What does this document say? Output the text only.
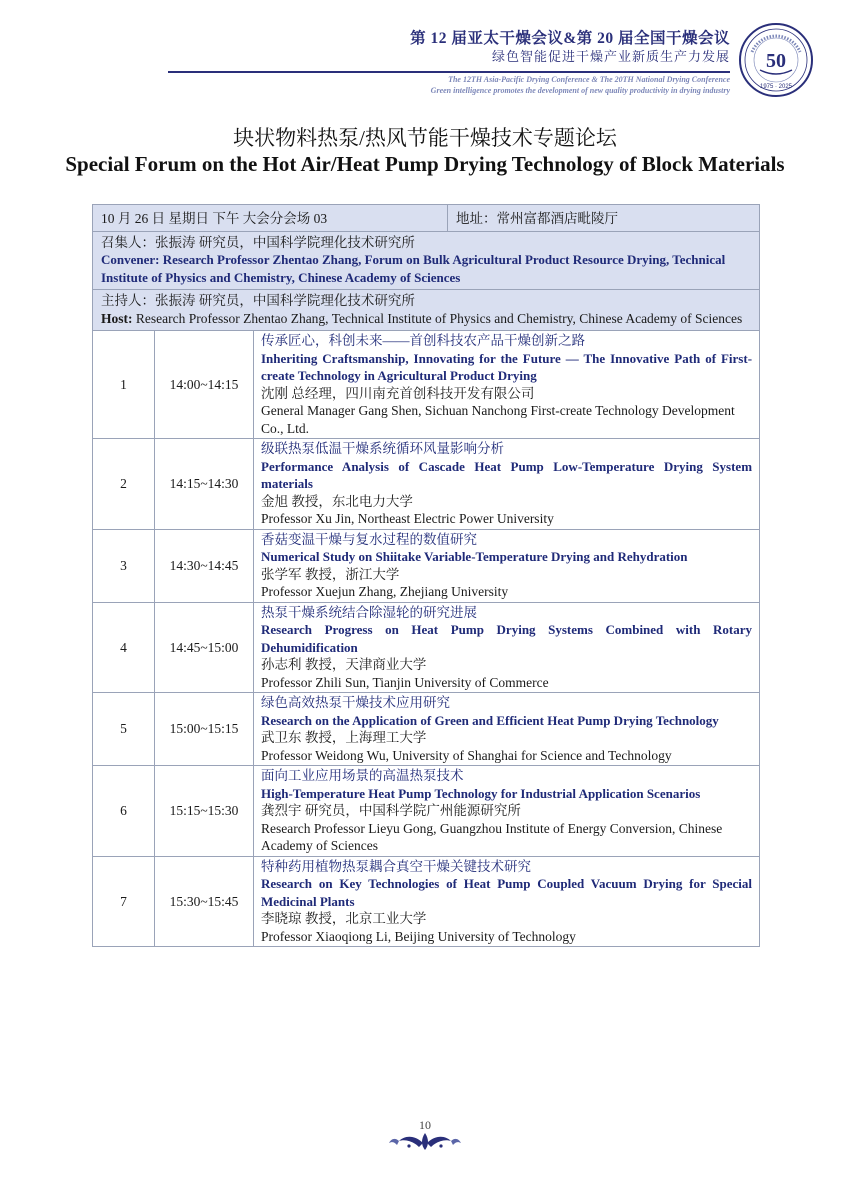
第 12 届亚太干燥会议&第 20 届全国干燥会议
绿色智能促进干燥产业新质生产力发展
The 12TH Asia-Pacific Drying Conference & The 20TH National Drying Conference
Green intelligence promotes the development of new quality productivity in drying industry
50
1975 · 2025
块状物料热泵/热风节能干燥技术专题论坛
Special Forum on the Hot Air/Heat Pump Drying Technology of Block Materials
10 月 26 日 星期日 下午 大会分会场 03			地址：常州富都酒店毗陵厅

召集人：张振涛 研究员，中国科学院理化技术研究所
Convener: Research Professor Zhentao Zhang, Forum on Bulk Agricultural Product Resource Drying, Technical Institute of Physics and Chemistry, Chinese Academy of Sciences			

主持人：张振涛 研究员，中国科学院理化技术研究所
Host: Research Professor Zhentao Zhang, Technical Institute of Physics and Chemistry, Chinese Academy of Sciences			

1	14:00~14:15	传承匠心，科创未来——首创科技农产品干燥创新之路
Inheriting Craftsmanship, Innovating for the Future — The Innovative Path of First-create Technology in Agricultural Product Drying
沈刚 总经理，四川南充首创科技开发有限公司
General Manager Gang Shen, Sichuan Nanchong First-create Technology Development Co., Ltd.	

2	14:15~14:30	级联热泵低温干燥系统循环风量影响分析
Performance Analysis of Cascade Heat Pump Low-Temperature Drying System materials
金旭 教授，东北电力大学
Professor Xu Jin, Northeast Electric Power University	

3	14:30~14:45	香菇变温干燥与复水过程的数值研究
Numerical Study on Shiitake Variable-Temperature Drying and Rehydration
张学军 教授，浙江大学
Professor Xuejun Zhang, Zhejiang University	

4	14:45~15:00	热泵干燥系统结合除湿轮的研究进展
Research Progress on Heat Pump Drying Systems Combined with Rotary Dehumidification
孙志利 教授，天津商业大学
Professor Zhili Sun, Tianjin University of Commerce	

5	15:00~15:15	绿色高效热泵干燥技术应用研究
Research on the Application of Green and Efficient Heat Pump Drying Technology
武卫东 教授，上海理工大学
Professor Weidong Wu, University of Shanghai for Science and Technology	

6	15:15~15:30	面向工业应用场景的高温热泵技术
High-Temperature Heat Pump Technology for Industrial Application Scenarios
龚烈宇 研究员，中国科学院广州能源研究所
Research Professor Lieyu Gong, Guangzhou Institute of Energy Conversion, Chinese Academy of Sciences	

7	15:30~15:45	特种药用植物热泵耦合真空干燥关键技术研究
Research on Key Technologies of Heat Pump Coupled Vacuum Drying for Special Medicinal Plants
李晓琼 教授，北京工业大学
Professor Xiaoqiong Li, Beijing University of Technology	
10
